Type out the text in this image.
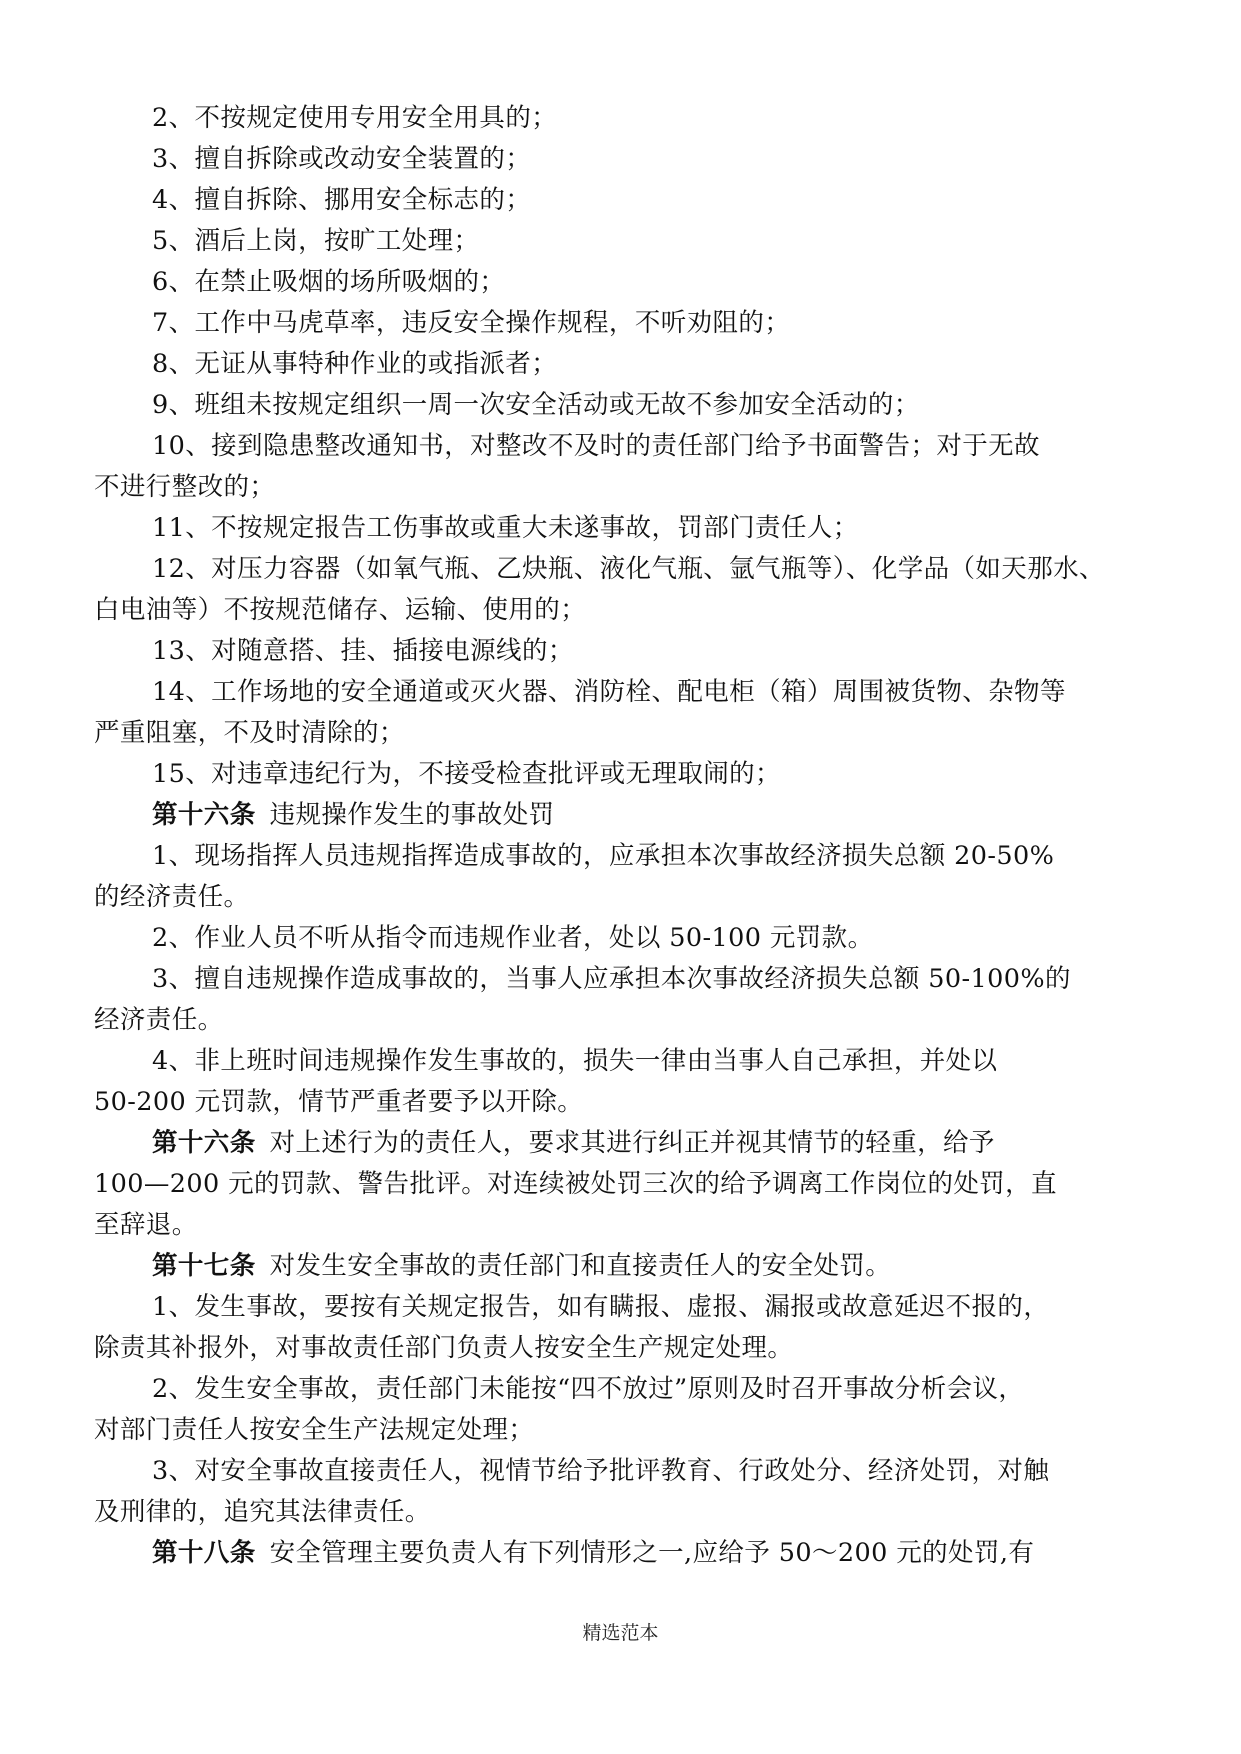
2、不按规定使用专用安全用具的；

3、擅自拆除或改动安全装置的；

4、擅自拆除、挪用安全标志的；

5、酒后上岗，按旷工处理；

6、在禁止吸烟的场所吸烟的；

7、工作中马虎草率，违反安全操作规程，不听劝阻的；

8、无证从事特种作业的或指派者；

9、班组未按规定组织一周一次安全活动或无故不参加安全活动的；

10、接到隐患整改通知书，对整改不及时的责任部门给予书面警告；对于无故

不进行整改的；

11、不按规定报告工伤事故或重大未遂事故，罚部门责任人；

12、对压力容器（如氧气瓶、乙炔瓶、液化气瓶、氩气瓶等）、化学品（如天那水、

白电油等）不按规范储存、运输、使用的；

13、对随意搭、挂、插接电源线的；

14、工作场地的安全通道或灭火器、消防栓、配电柜（箱）周围被货物、杂物等

严重阻塞，不及时清除的；

15、对违章违纪行为，不接受检查批评或无理取闹的；

第十六条 违规操作发生的事故处罚

1、现场指挥人员违规指挥造成事故的，应承担本次事故经济损失总额 20-50%

的经济责任。

2、作业人员不听从指令而违规作业者，处以 50-100 元罚款。

3、擅自违规操作造成事故的，当事人应承担本次事故经济损失总额 50-100%的

经济责任。

4、非上班时间违规操作发生事故的，损失一律由当事人自己承担，并处以

50-200 元罚款，情节严重者要予以开除。

第十六条 对上述行为的责任人，要求其进行纠正并视其情节的轻重，给予

100—200 元的罚款、警告批评。对连续被处罚三次的给予调离工作岗位的处罚，直

至辞退。

第十七条 对发生安全事故的责任部门和直接责任人的安全处罚。

1、发生事故，要按有关规定报告，如有瞒报、虚报、漏报或故意延迟不报的，

除责其补报外，对事故责任部门负责人按安全生产规定处理。

2、发生安全事故，责任部门未能按“四不放过”原则及时召开事故分析会议，

对部门责任人按安全生产法规定处理；

3、对安全事故直接责任人，视情节给予批评教育、行政处分、经济处罚，对触

及刑律的，追究其法律责任。

第十八条 安全管理主要负责人有下列情形之一,应给予 50～200 元的处罚,有

精选范本
